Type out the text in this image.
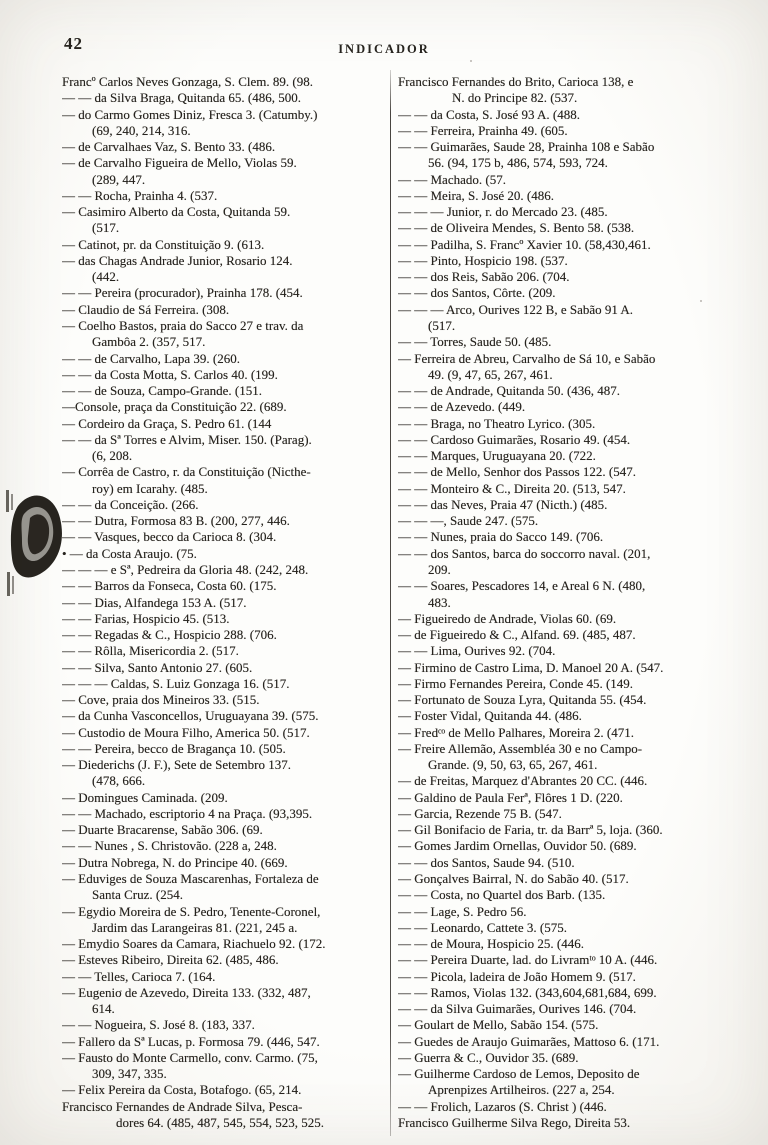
42	INDICADOR
Francº Carlos Neves Gonzaga, S. Clem. 89. (98.
— — da Silva Braga, Quitanda 65. (486, 500.
— do Carmo Gomes Diniz, Fresca 3. (Catumby.)
(69, 240, 214, 316.
— de Carvalhaes Vaz, S. Bento 33. (486.
— de Carvalho Figueira de Mello, Violas 59.
(289, 447.
— — Rocha, Prainha 4. (537.
— Casimiro Alberto da Costa, Quitanda 59.
(517.
— Catinot, pr. da Constituição 9. (613.
— das Chagas Andrade Junior, Rosario 124.
(442.
— — Pereira (procurador), Prainha 178. (454.
— Claudio de Sá Ferreira. (308.
— Coelho Bastos, praia do Sacco 27 e trav. da
Gambôa 2. (357, 517.
— — de Carvalho, Lapa 39. (260.
— — da Costa Motta, S. Carlos 40. (199.
— — de Souza, Campo-Grande. (151.
—Console, praça da Constituição 22. (689.
— Cordeiro da Graça, S. Pedro 61. (144
— — da Sª Torres e Alvim, Miser. 150. (Parag).
(6, 208.
— Corrêa de Castro, r. da Constituição (Nicthe-
roy) em Icarahy. (485.
— — da Conceição. (266.
— — Dutra, Formosa 83 B. (200, 277, 446.
— — Vasques, becco da Carioca 8. (304.
• — da Costa Araujo. (75.
— — — e Sª, Pedreira da Gloria 48. (242, 248.
— — Barros da Fonseca, Costa 60. (175.
— — Dias, Alfandega 153 A. (517.
— — Farias, Hospicio 45. (513.
— — Regadas & C., Hospicio 288. (706.
— — Rôlla, Misericordia 2. (517.
— — Silva, Santo Antonio 27. (605.
— — — Caldas, S. Luiz Gonzaga 16. (517.
— Cove, praia dos Mineiros 33. (515.
— da Cunha Vasconcellos, Uruguayana 39. (575.
— Custodio de Moura Filho, America 50. (517.
— — Pereira, becco de Bragança 10. (505.
— Diederichs (J. F.), Sete de Setembro 137.
(478, 666.
— Domingues Caminada. (209.
— — Machado, escriptorio 4 na Praça. (93,395.
— Duarte Bracarense, Sabão 306. (69.
— — Nunes , S. Christovão. (228 a, 248.
— Dutra Nobrega, N. do Principe 40. (669.
— Eduviges de Souza Mascarenhas, Fortaleza de
Santa Cruz. (254.
— Egydio Moreira de S. Pedro, Tenente-Coronel,
Jardim das Larangeiras 81. (221, 245 a.
— Emydio Soares da Camara, Riachuelo 92. (172.
— Esteves Ribeiro, Direita 62. (485, 486.
— — Telles, Carioca 7. (164.
— Eugenio de Azevedo, Direita 133. (332, 487,
614.
— — Nogueira, S. José 8. (183, 337.
— Fallero da Sª Lucas, p. Formosa 79. (446, 547.
— Fausto do Monte Carmello, conv. Carmo. (75,
309, 347, 335.
— Felix Pereira da Costa, Botafogo. (65, 214.
Francisco Fernandes de Andrade Silva, Pesca-
dores 64. (485, 487, 545, 554, 523, 525.
Francisco Fernandes do Brito, Carioca 138, e
N. do Principe 82. (537.
— — da Costa, S. José 93 A. (488.
— — Ferreira, Prainha 49. (605.
— — Guimarães, Saude 28, Prainha 108 e Sabão
56. (94, 175 b, 486, 574, 593, 724.
— — Machado. (57.
— — Meira, S. José 20. (486.
— — — Junior, r. do Mercado 23. (485.
— — de Oliveira Mendes, S. Bento 58. (538.
— — Padilha, S. Francº Xavier 10. (58,430,461.
— — Pinto, Hospicio 198. (537.
— — dos Reis, Sabão 206. (704.
— — dos Santos, Côrte. (209.
— — — Arco, Ourives 122 B, e Sabão 91 A.
(517.
— — Torres, Saude 50. (485.
— Ferreira de Abreu, Carvalho de Sá 10, e Sabão
49. (9, 47, 65, 267, 461.
— — de Andrade, Quitanda 50. (436, 487.
— — de Azevedo. (449.
— — Braga, no Theatro Lyrico. (305.
— — Cardoso Guimarães, Rosario 49. (454.
— — Marques, Uruguayana 20. (722.
— — de Mello, Senhor dos Passos 122. (547.
— — Monteiro & C., Direita 20. (513, 547.
— — das Neves, Praia 47 (Nicth.) (485.
— — —, Saude 247. (575.
— — Nunes, praia do Sacco 149. (706.
— — dos Santos, barca do soccorro naval. (201,
209.
— — Soares, Pescadores 14, e Areal 6 N. (480,
483.
— Figueiredo de Andrade, Violas 60. (69.
— de Figueiredo & C., Alfand. 69. (485, 487.
— — Lima, Ourives 92. (704.
— Firmino de Castro Lima, D. Manoel 20 A. (547.
— Firmo Fernandes Pereira, Conde 45. (149.
— Fortunato de Souza Lyra, Quitanda 55. (454.
— Foster Vidal, Quitanda 44. (486.
— Fredᶜᵒ de Mello Palhares, Moreira 2. (471.
— Freire Allemão, Assembléa 30 e no Campo-
Grande. (9, 50, 63, 65, 267, 461.
— de Freitas, Marquez d'Abrantes 20 CC. (446.
— Galdino de Paula Ferª, Flôres 1 D. (220.
— Garcia, Rezende 75 B. (547.
— Gil Bonifacio de Faria, tr. da Barrª 5, loja. (360.
— Gomes Jardim Ornellas, Ouvidor 50. (689.
— — dos Santos, Saude 94. (510.
— Gonçalves Bairral, N. do Sabão 40. (517.
— — Costa, no Quartel dos Barb. (135.
— — Lage, S. Pedro 56.
— — Leonardo, Cattete 3. (575.
— — de Moura, Hospicio 25. (446.
— — Pereira Duarte, lad. do Livramᵗᵒ 10 A. (446.
— — Picola, ladeira de João Homem 9. (517.
— — Ramos, Violas 132. (343,604,681,684, 699.
— — da Silva Guimarães, Ourives 146. (704.
— Goulart de Mello, Sabão 154. (575.
— Guedes de Araujo Guimarães, Mattoso 6. (171.
— Guerra & C., Ouvidor 35. (689.
— Guilherme Cardoso de Lemos, Deposito de
Aprenpizes Artilheiros. (227 a, 254.
— — Frolich, Lazaros (S. Christ ) (446.
Francisco Guilherme Silva Rego, Direita 53.
